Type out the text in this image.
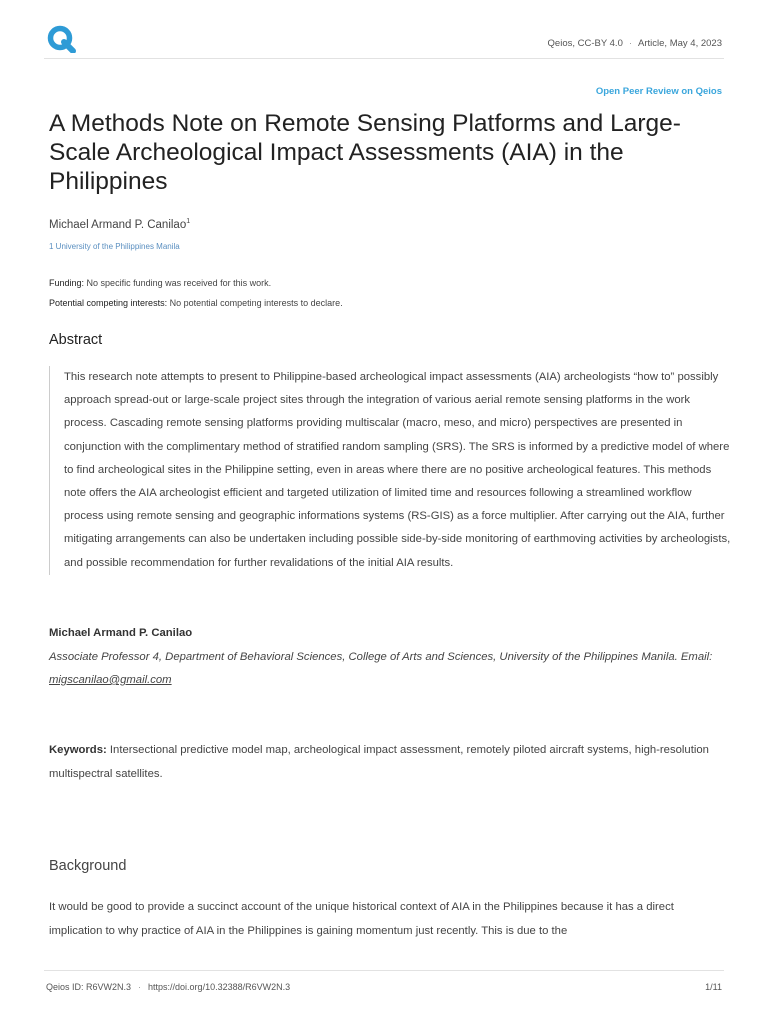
Qeios, CC-BY 4.0 · Article, May 4, 2023
Open Peer Review on Qeios
A Methods Note on Remote Sensing Platforms and Large-Scale Archeological Impact Assessments (AIA) in the Philippines
Michael Armand P. Canilao$^1$
1 University of the Philippines Manila
Funding: No specific funding was received for this work.
Potential competing interests: No potential competing interests to declare.
Abstract

This research note attempts to present to Philippine-based archeological impact assessments (AIA) archeologists “how to” possibly approach spread-out or large-scale project sites through the integration of various aerial remote sensing platforms in the work process. Cascading remote sensing platforms providing multiscalar (macro, meso, and micro) perspectives are presented in conjunction with the complimentary method of stratified random sampling (SRS). The SRS is informed by a predictive model of where to find archeological sites in the Philippine setting, even in areas where there are no positive archeological features. This methods note offers the AIA archeologist efficient and targeted utilization of limited time and resources following a streamlined workflow process using remote sensing and geographic informations systems (RS-GIS) as a force multiplier. After carrying out the AIA, further mitigating arrangements can also be undertaken including possible side-by-side monitoring of earthmoving activities by archeologists, and possible recommendation for further revalidations of the initial AIA results.

Michael Armand P. Canilao

Associate Professor 4, Department of Behavioral Sciences, College of Arts and Sciences, University of the Philippines Manila. Email: migscanilao@gmail.com

Keywords: Intersectional predictive model map, archeological impact assessment, remotely piloted aircraft systems, high-resolution multispectral satellites.

Background

It would be good to provide a succinct account of the unique historical context of AIA in the Philippines because it has a direct implication to why practice of AIA in the Philippines is gaining momentum just recently. This is due to the

Qeios ID: R6VW2N.3 · https://doi.org/10.32388/R6VW2N.3	1/11
